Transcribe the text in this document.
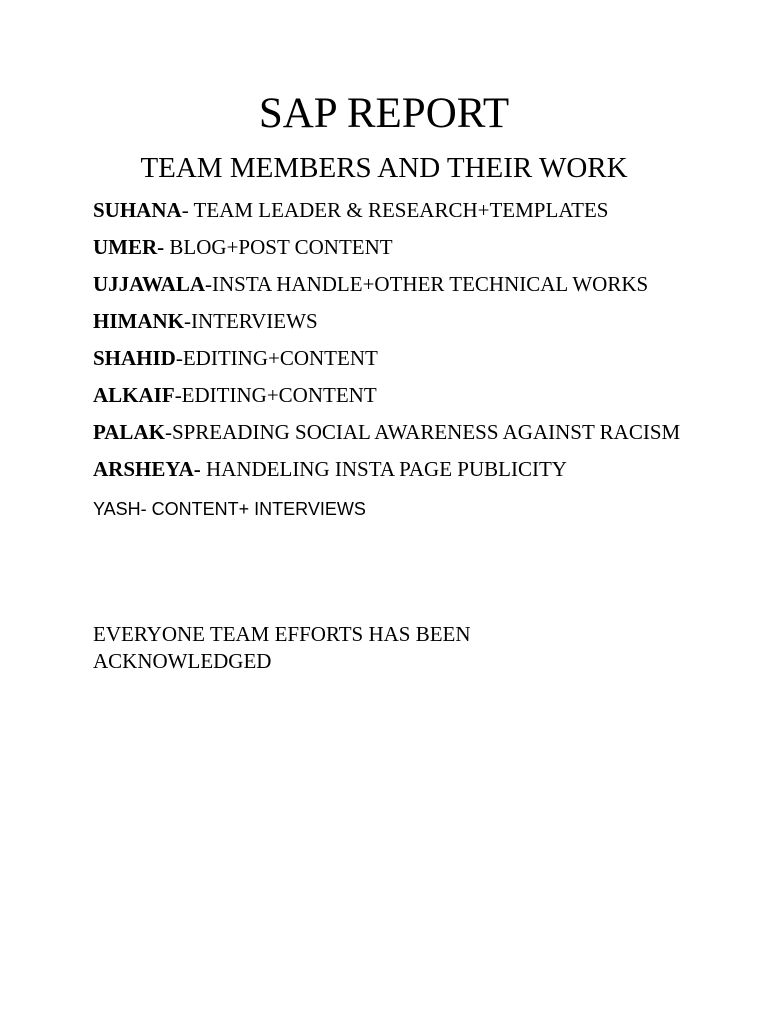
SAP REPORT
TEAM MEMBERS AND THEIR WORK
SUHANA- TEAM LEADER & RESEARCH+TEMPLATES
UMER- BLOG+POST CONTENT
UJJAWALA-INSTA HANDLE+OTHER TECHNICAL WORKS
HIMANK-INTERVIEWS
SHAHID-EDITING+CONTENT
ALKAIF-EDITING+CONTENT
PALAK-SPREADING SOCIAL AWARENESS AGAINST RACISM
ARSHEYA- HANDELING INSTA PAGE PUBLICITY
YASH- CONTENT+ INTERVIEWS

EVERYONE TEAM EFFORTS HAS BEEN ACKNOWLEDGED
